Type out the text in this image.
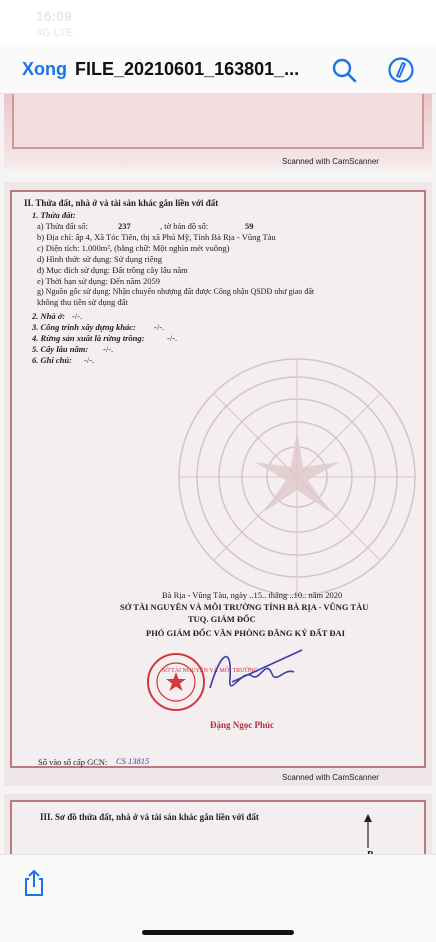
16:09
4G LTE
Xong FILE_20210601_163801_...
Scanned with CamScanner
II. Thửa đất, nhà ở và tài sản khác gắn liền với đất
1. Thửa đất:
a) Thửa đất số:	237	, tờ bản đồ số:	59
b) Địa chỉ: ấp 4, Xã Tóc Tiên, thị xã Phú Mỹ, Tỉnh Bà Rịa - Vũng Tàu
c) Diện tích: 1.000m², (bằng chữ: Một nghìn mét vuông)
d) Hình thức sử dụng: Sử dụng riêng
đ) Mục đích sử dụng: Đất trồng cây lâu năm
e) Thời hạn sử dụng: Đến năm 2059
g) Nguồn gốc sử dụng: Nhận chuyển nhượng đất được Công nhận QSDĐ như giao đất
không thu tiền sử dụng đất
2. Nhà ở: -/-.
3. Công trình xây dựng khác: -/-.
4. Rừng sản xuất là rừng trồng:	-/-.
5. Cây lâu năm: -/-.
6. Ghi chú: -/-.
Bà Rịa - Vũng Tàu, ngày ..15.. tháng ..10.. năm 2020
SỞ TÀI NGUYÊN VÀ MÔI TRƯỜNG TỈNH BÀ RỊA - VŨNG TÀU
TUQ. GIÁM ĐỐC
PHÓ GIÁM ĐỐC VĂN PHÒNG ĐĂNG KÝ ĐẤT ĐAI
SỞ TÀI NGUYÊN VÀ MÔI TRƯỜNG
Đặng Ngọc Phúc
Số vào sổ cấp GCN: CS 13815
Scanned with CamScanner
III. Sơ đồ thửa đất, nhà ở và tài sản khác gắn liền với đất
